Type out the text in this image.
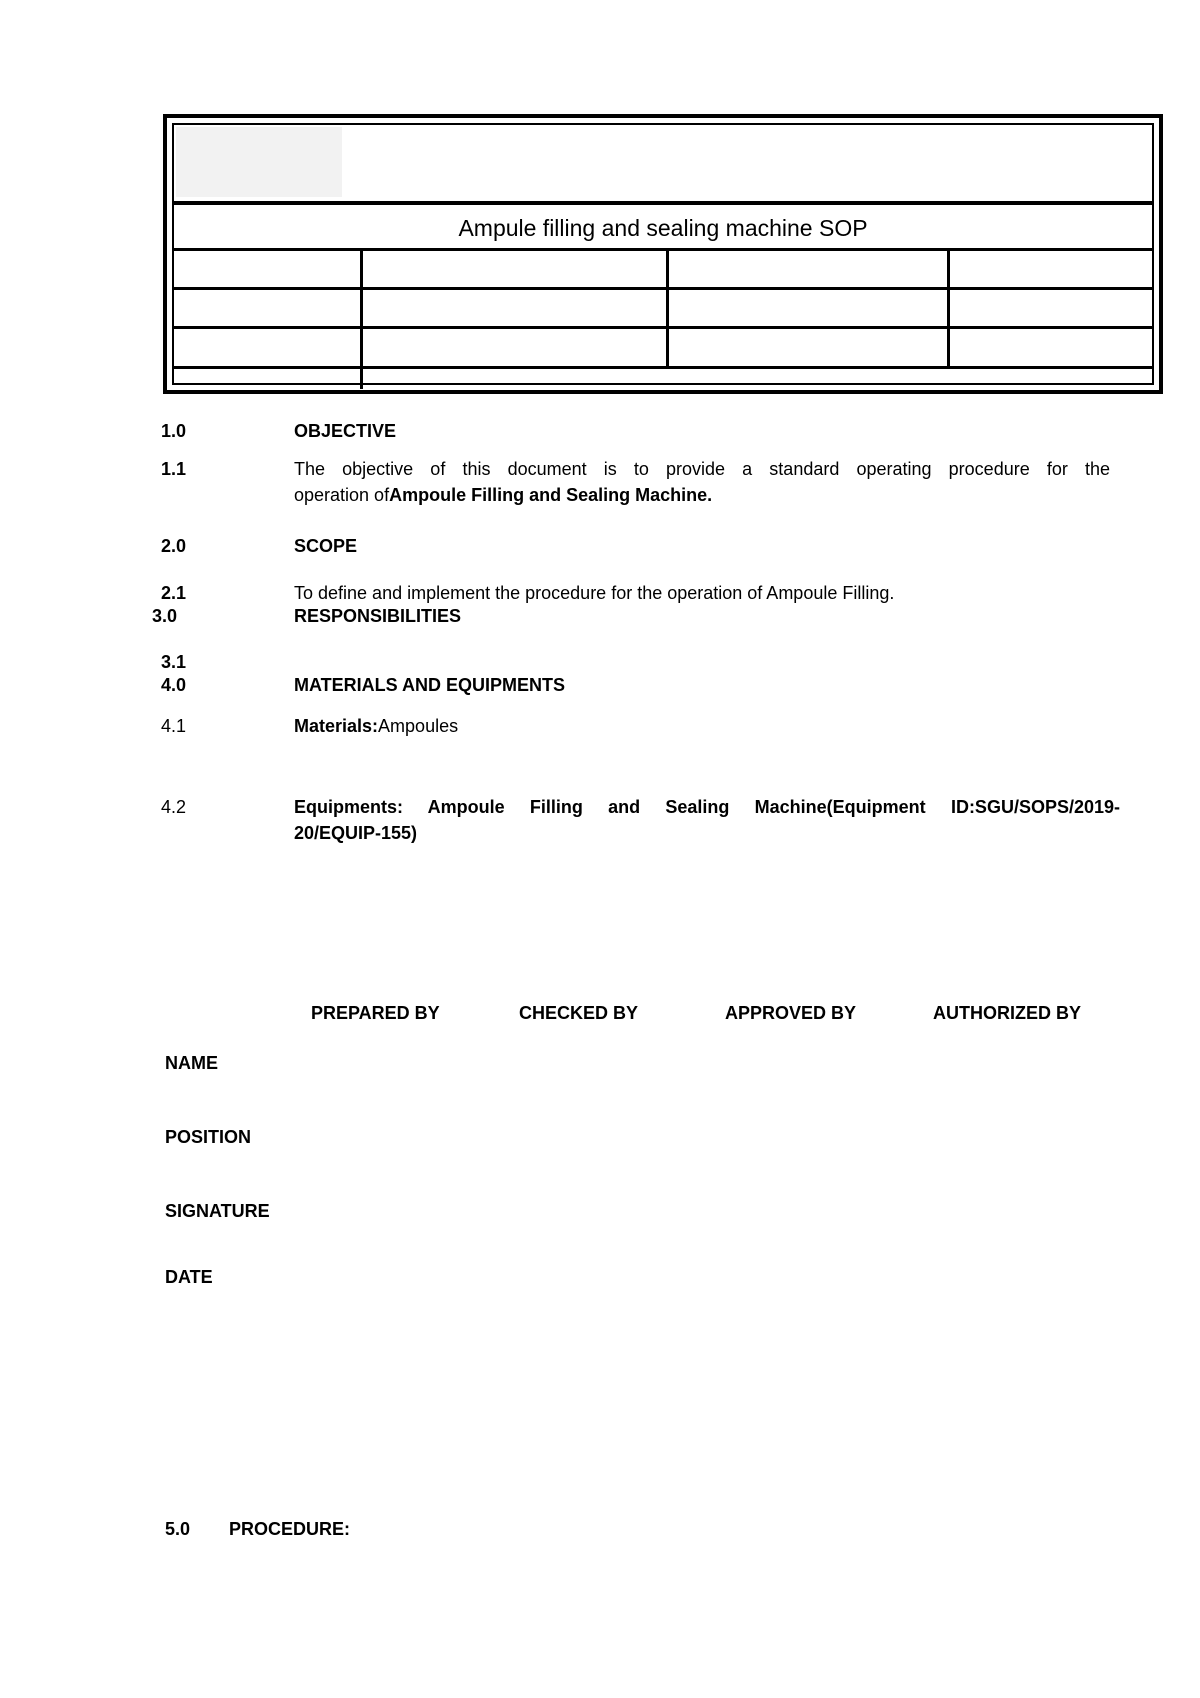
Ampule filling and sealing machine SOP
1.0	OBJECTIVE
1.1	The objective of this document is to provide a standard operating procedure for the
operation ofAmpoule Filling and Sealing Machine.
2.0	SCOPE
2.1	To define and implement the procedure for the operation of Ampoule Filling.
3.0	RESPONSIBILITIES
3.1
4.0	MATERIALS AND EQUIPMENTS
4.1	Materials:Ampoules
4.2	Equipments: Ampoule Filling and Sealing Machine(Equipment ID:SGU/SOPS/2019-
20/EQUIP-155)
PREPARED BY	CHECKED BY	APPROVED BY	AUTHORIZED BY
NAME
POSITION
SIGNATURE
DATE
5.0 PROCEDURE:
